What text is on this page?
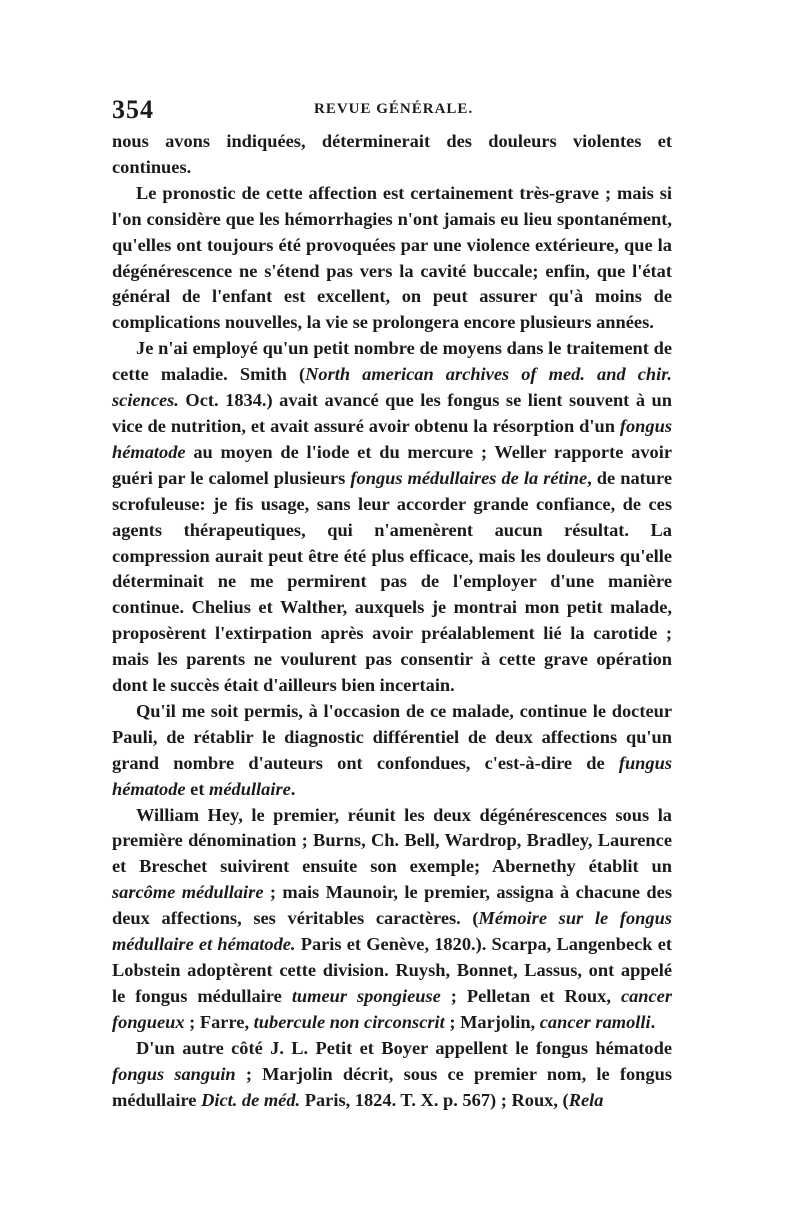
354	REVUE GÉNÉRALE.

nous avons indiquées, déterminerait des douleurs violentes et continues.

Le pronostic de cette affection est certainement très-grave ; mais si l'on considère que les hémorrhagies n'ont jamais eu lieu spontanément, qu'elles ont toujours été provoquées par une violence extérieure, que la dégénérescence ne s'étend pas vers la cavité buccale; enfin, que l'état général de l'enfant est excellent, on peut assurer qu'à moins de complications nouvelles, la vie se prolongera encore plusieurs années.

Je n'ai employé qu'un petit nombre de moyens dans le traitement de cette maladie. Smith (North american archives of med. and chir. sciences. Oct. 1834.) avait avancé que les fongus se lient souvent à un vice de nutrition, et avait assuré avoir obtenu la résorption d'un fongus hématode au moyen de l'iode et du mercure ; Weller rapporte avoir guéri par le calomel plusieurs fongus médullaires de la rétine, de nature scrofuleuse: je fis usage, sans leur accorder grande confiance, de ces agents thérapeutiques, qui n'amenèrent aucun résultat. La compression aurait peut être été plus efficace, mais les douleurs qu'elle déterminait ne me permirent pas de l'employer d'une manière continue. Chelius et Walther, auxquels je montrai mon petit malade, proposèrent l'extirpation après avoir préalablement lié la carotide ; mais les parents ne voulurent pas consentir à cette grave opération dont le succès était d'ailleurs bien incertain.

Qu'il me soit permis, à l'occasion de ce malade, continue le docteur Pauli, de rétablir le diagnostic différentiel de deux affections qu'un grand nombre d'auteurs ont confondues, c'est-à-dire de fungus hématode et médullaire.

William Hey, le premier, réunit les deux dégénérescences sous la première dénomination ; Burns, Ch. Bell, Wardrop, Bradley, Laurence et Breschet suivirent ensuite son exemple; Abernethy établit un sarcôme médullaire ; mais Maunoir, le premier, assigna à chacune des deux affections, ses véritables caractères. (Mémoire sur le fongus médullaire et hématode. Paris et Genève, 1820.). Scarpa, Langenbeck et Lobstein adoptèrent cette division. Ruysh, Bonnet, Lassus, ont appelé le fongus médullaire tumeur spongieuse ; Pelletan et Roux, cancer fongueux ; Farre, tubercule non circonscrit ; Marjolin, cancer ramolli.

D'un autre côté J. L. Petit et Boyer appellent le fongus hématode fongus sanguin ; Marjolin décrit, sous ce premier nom, le fongus médullaire Dict. de méd. Paris, 1824. T. X. p. 567) ; Roux, (Rela
